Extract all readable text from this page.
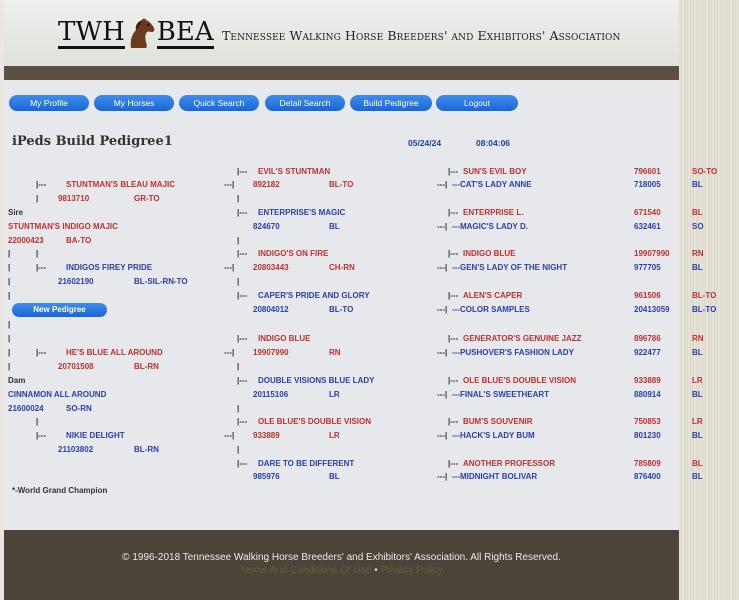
TWH BEA Tennessee Walking Horse Breeders' and Exhibitors' Association
My Profile	My Horses	Quick Search	Detail Search	Build Pedigree	Logout
iPeds Build Pedigree1	05/24/24	08:04:06
|--- EVIL'S STUNTMAN	|--- SUN'S EVIL BOY	796601	SO-TO
|--- STUNTMAN'S BLEAU MAJIC	---| 892182	BL-TO	---| ---CAT'S LADY ANNE	718005	BL
| 9813710	GR-TO	|
Sire	|--- ENTERPRISE'S MAGIC	|--- ENTERPRISE L.	671540	BL
STUNTMAN'S INDIGO MAJIC	824670	BL	---| ---MAGIC'S LADY D.	632461	SO
22000423	BA-TO	|
|	|	|--- INDIGO'S ON FIRE	|--- INDIGO BLUE	19907990	RN
|	|--- INDIGOS FIREY PRIDE	---| 20803443	CH-RN	---| ---GEN'S LADY OF THE NIGHT	977705	BL
|	21602190	BL-SIL-RN-TO	|
|	|--- CAPER'S PRIDE AND GLORY	|--- ALEN'S CAPER	961506	BL-TO
20804012	BL-TO	---| ---COLOR SAMPLES	20413059	BL-TO
|
|	|--- INDIGO BLUE	|--- GENERATOR'S GENUINE JAZZ	896786	RN
|	|--- HE'S BLUE ALL AROUND	---| 19907990	RN	---| ---PUSHOVER'S FASHION LADY	922477	BL
|	20701508	BL-RN	|
Dam	|--- DOUBLE VISIONS BLUE LADY	|--- OLE BLUE'S DOUBLE VISION	933889	LR
CINNAMON ALL AROUND	20115106	LR	---| ---FINAL'S SWEETHEART	880914	BL
21600024	SO-RN	|
|	|--- OLE BLUE'S DOUBLE VISION	|--- BUM'S SOUVENIR	750853	LR
|--- NIKIE DELIGHT	---| 933889	LR	---| ---HACK'S LADY BUM	801230	BL
21103802	BL-RN	|
|--- DARE TO BE DIFFERENT	|--- ANOTHER PROFESSOR	785809	BL
985976	BL	---| ---MIDNIGHT BOLIVAR	876400	BL
New Pedigree
*-World Grand Champion
© 1996-2018 Tennessee Walking Horse Breeders' and Exhibitors' Association. All Rights Reserved.
Terms And Conditions Of Use • Privacy Policy
